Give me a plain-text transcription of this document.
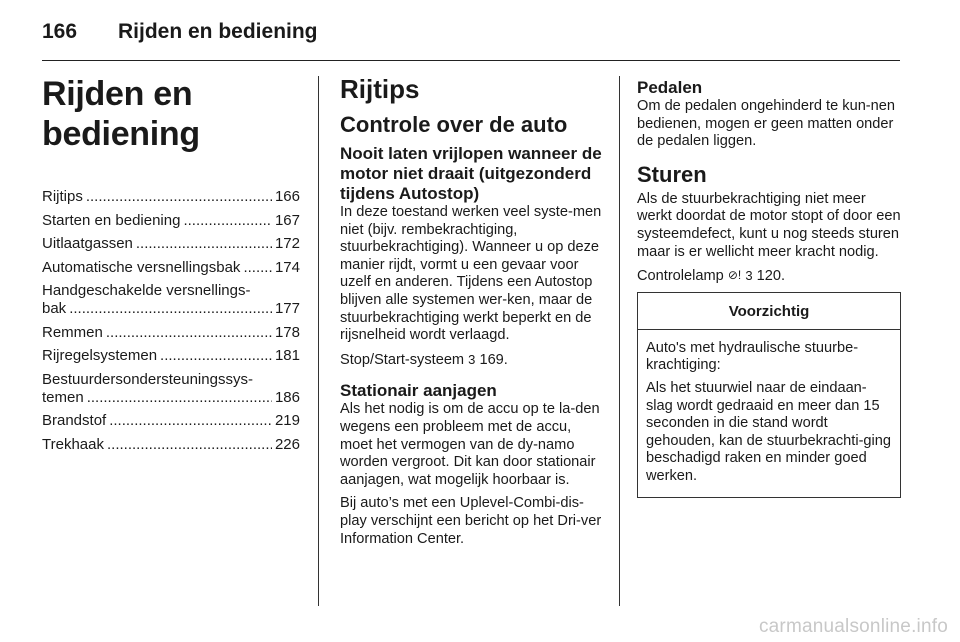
166 Rijden en bediening
Rijden en bediening
Rijtips .....	166
Starten en bediening .....	167
Uitlaatgassen .....	172
Automatische versnellingsbak ..... 174
Handgeschakelde versnellings-
bak .....	177
Remmen .....	178
Rijregelsystemen .....	181
Bestuurdersondersteuningssys-
temen .....	186
Brandstof .....	219
Trekhaak .....	226
Rijtips
Controle over de auto
Nooit laten vrijlopen wanneer de motor niet draait (uitgezonderd tijdens Autostop)

In deze toestand werken veel syste-men niet (bijv. rembekrachtiging, stuurbekrachtiging). Wanneer u op deze manier rijdt, vormt u een gevaar voor uzelf en anderen. Tijdens een Autostop blijven alle systemen wer-ken, maar de stuurbekrachtiging werkt beperkt en de rijsnelheid wordt verlaagd.

Stop/Start-systeem 3 169.

Stationair aanjagen

Als het nodig is om de accu op te la-den wegens een probleem met de accu, moet het vermogen van de dy-namo worden vergroot. Dit kan door stationair aanjagen, wat mogelijk hoorbaar is.

Bij auto’s met een Uplevel-Combi-dis-play verschijnt een bericht op het Dri-ver Information Center.

Pedalen

Om de pedalen ongehinderd te kun-nen bedienen, mogen er geen matten onder de pedalen liggen.

Sturen

Als de stuurbekrachtiging niet meer werkt doordat de motor stopt of door een systeemdefect, kunt u nog steeds sturen maar is er wellicht meer kracht nodig.

Controlelamp ⊘! 3 120.

Voorzichtig

Auto's met hydraulische stuurbe-krachtiging:

Als het stuurwiel naar de eindaan-slag wordt gedraaid en meer dan 15 seconden in die stand wordt gehouden, kan de stuurbekrachti-ging beschadigd raken en minder goed werken.

carmanualsonline.info
